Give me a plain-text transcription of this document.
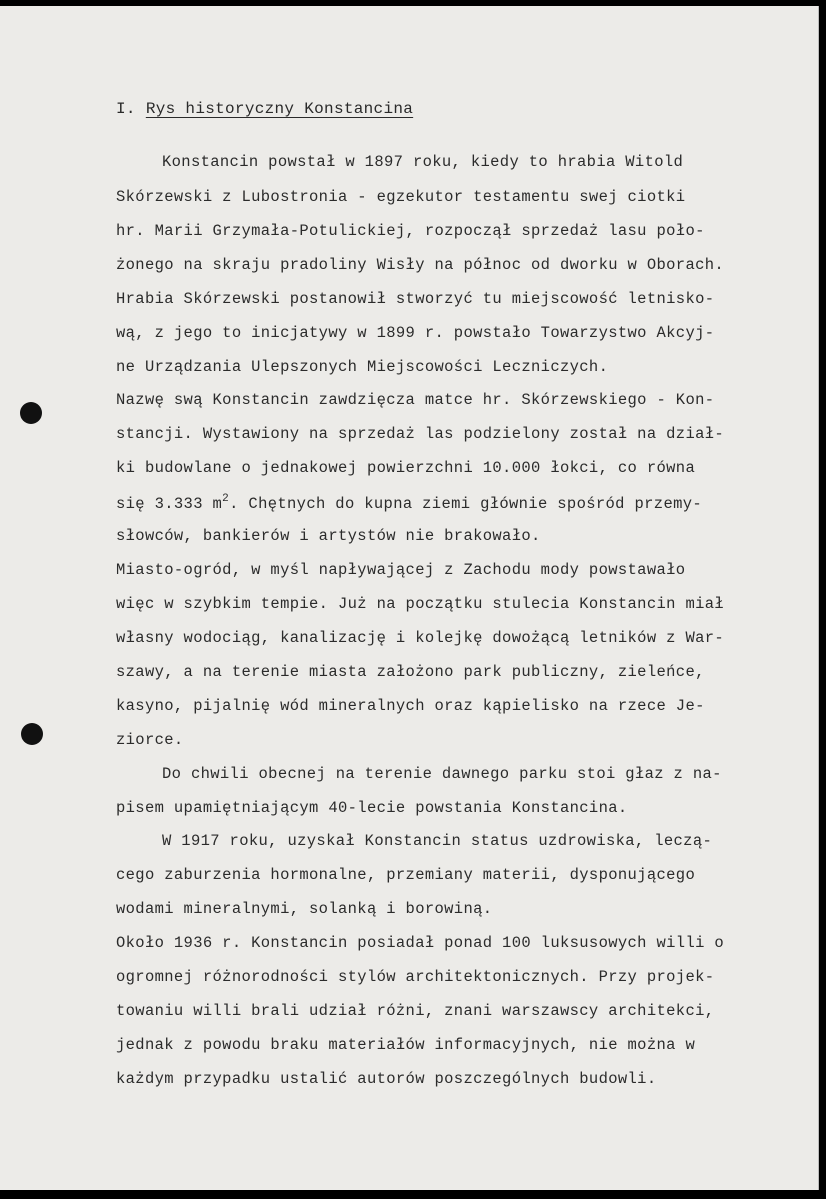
I. Rys historyczny Konstancina
Konstancin powstał w 1897 roku, kiedy to hrabia Witold
Skórzewski z Lubostronia - egzekutor testamentu swej ciotki
hr. Marii Grzymała-Potulickiej, rozpoczął sprzedaż lasu poło-
żonego na skraju pradoliny Wisły na północ od dworku w Oborach.
Hrabia Skórzewski postanowił stworzyć tu miejscowość letnisko-
wą, z jego to inicjatywy w 1899 r. powstało Towarzystwo Akcyj-
ne Urządzania Ulepszonych Miejscowości Leczniczych.
Nazwę swą Konstancin zawdzięcza matce hr. Skórzewskiego - Kon-
stancji. Wystawiony na sprzedaż las podzielony został na dział-
ki budowlane o jednakowej powierzchni 10.000 łokci, co równa
się 3.333 $m^2$. Chętnych do kupna ziemi głównie spośród przemy-
słowców, bankierów i artystów nie brakowało.
Miasto-ogród, w myśl napływającej z Zachodu mody powstawało
więc w szybkim tempie. Już na początku stulecia Konstancin miał
własny wodociąg, kanalizację i kolejkę dowożącą letników z War-
szawy, a na terenie miasta założono park publiczny, zieleńce,
kasyno, pijalnię wód mineralnych oraz kąpielisko na rzece Je-
ziorce.
Do chwili obecnej na terenie dawnego parku stoi głaz z na-
pisem upamiętniającym 40-lecie powstania Konstancina.
W 1917 roku, uzyskał Konstancin status uzdrowiska, leczą-
cego zaburzenia hormonalne, przemiany materii, dysponującego
wodami mineralnymi, solanką i borowiną.
Około 1936 r. Konstancin posiadał ponad 100 luksusowych willi o
ogromnej różnorodności stylów architektonicznych. Przy projek-
towaniu willi brali udział różni, znani warszawscy architekci,
jednak z powodu braku materiałów informacyjnych, nie można w
każdym przypadku ustalić autorów poszczególnych budowli.
